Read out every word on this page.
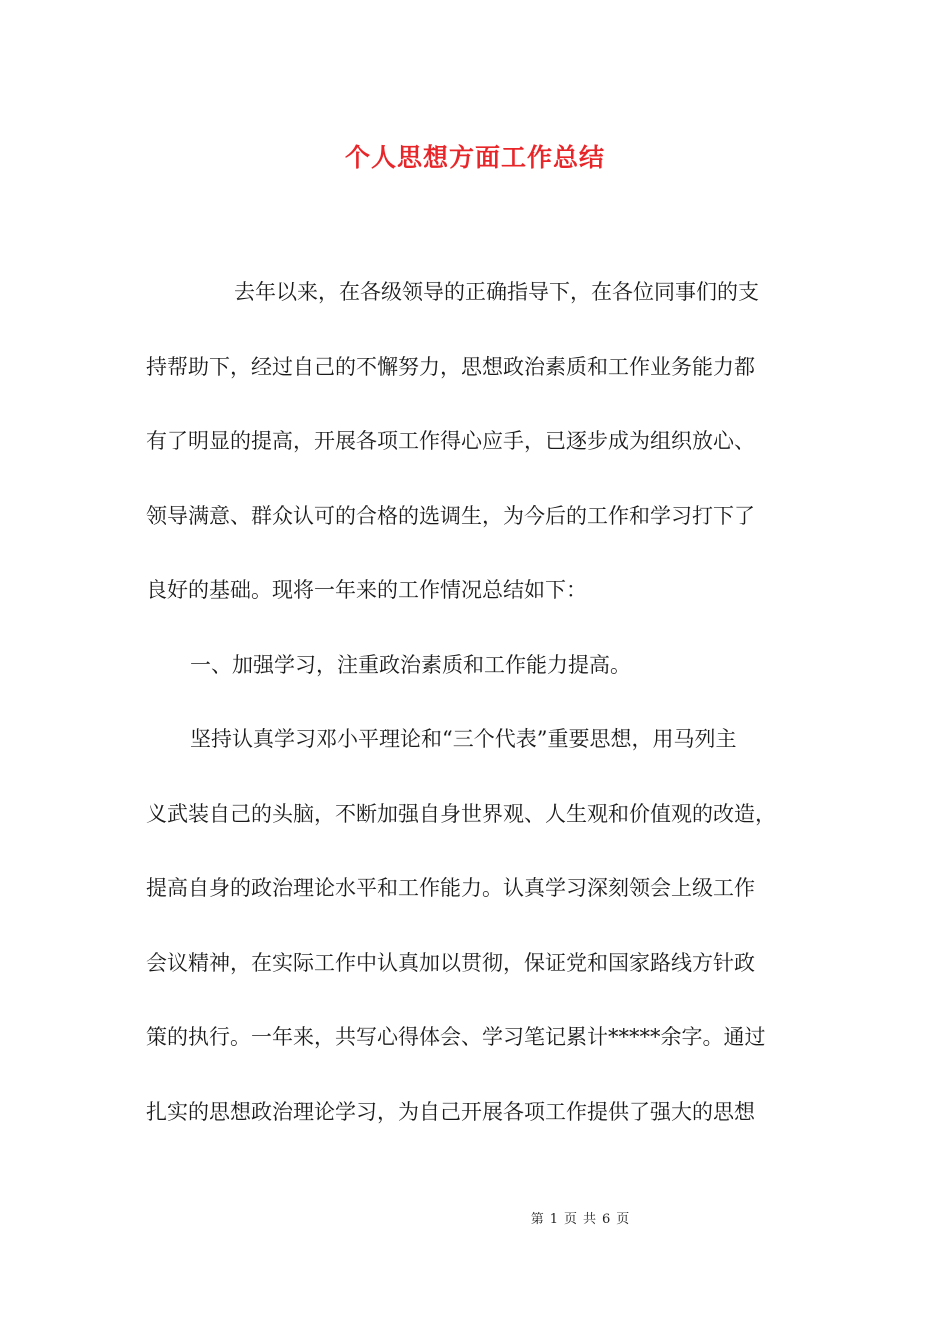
个人思想方面工作总结
去年以来，在各级领导的正确指导下，在各位同事们的支
持帮助下，经过自己的不懈努力，思想政治素质和工作业务能力都
有了明显的提高，开展各项工作得心应手，已逐步成为组织放心、
领导满意、群众认可的合格的选调生，为今后的工作和学习打下了
良好的基础。现将一年来的工作情况总结如下：
一、加强学习，注重政治素质和工作能力提高。
坚持认真学习邓小平理论和“三个代表”重要思想，用马列主
义武装自己的头脑，不断加强自身世界观、人生观和价值观的改造，
提高自身的政治理论水平和工作能力。认真学习深刻领会上级工作
会议精神，在实际工作中认真加以贯彻，保证党和国家路线方针政
策的执行。一年来，共写心得体会、学习笔记累计*****余字。通过
扎实的思想政治理论学习，为自己开展各项工作提供了强大的思想
第 1 页 共 6 页
